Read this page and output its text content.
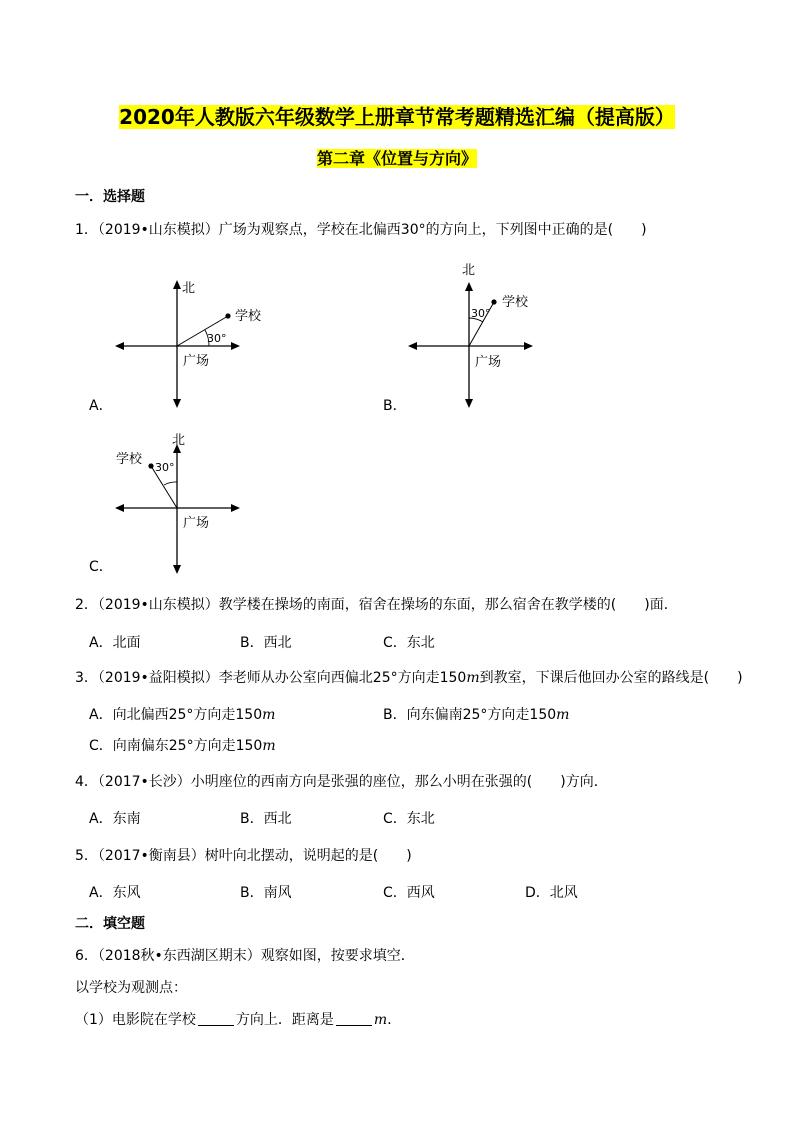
2020年人教版六年级数学上册章节常考题精选汇编（提高版）
第二章《位置与方向》
一．选择题
1．（2019•山东模拟）广场为观察点，学校在北偏西30°的方向上，下列图中正确的是(　　)
北
学校
30°
广场
A．
北
学校
30°
广场
B．
北
学校
30°
广场
C．
2．（2019•山东模拟）教学楼在操场的南面，宿舍在操场的东面，那么宿舍在教学楼的(　　)面．
A．北面	B．西北	C．东北
3．（2019•益阳模拟）李老师从办公室向西偏北25°方向走150m到教室，下课后他回办公室的路线是(　　)
A．向北偏西25°方向走150m	B．向东偏南25°方向走150m
C．向南偏东25°方向走150m
4．（2017•长沙）小明座位的西南方向是张强的座位，那么小明在张强的(　　)方向．
A．东南	B．西北	C．东北
5．（2017•衡南县）树叶向北摆动，说明起的是(　　)
A．东风	B．南风	C．西风	D．北风
二．填空题
6．（2018秋•东西湖区期末）观察如图，按要求填空．
以学校为观测点：
（1）电影院在学校	方向上．距离是	m．
